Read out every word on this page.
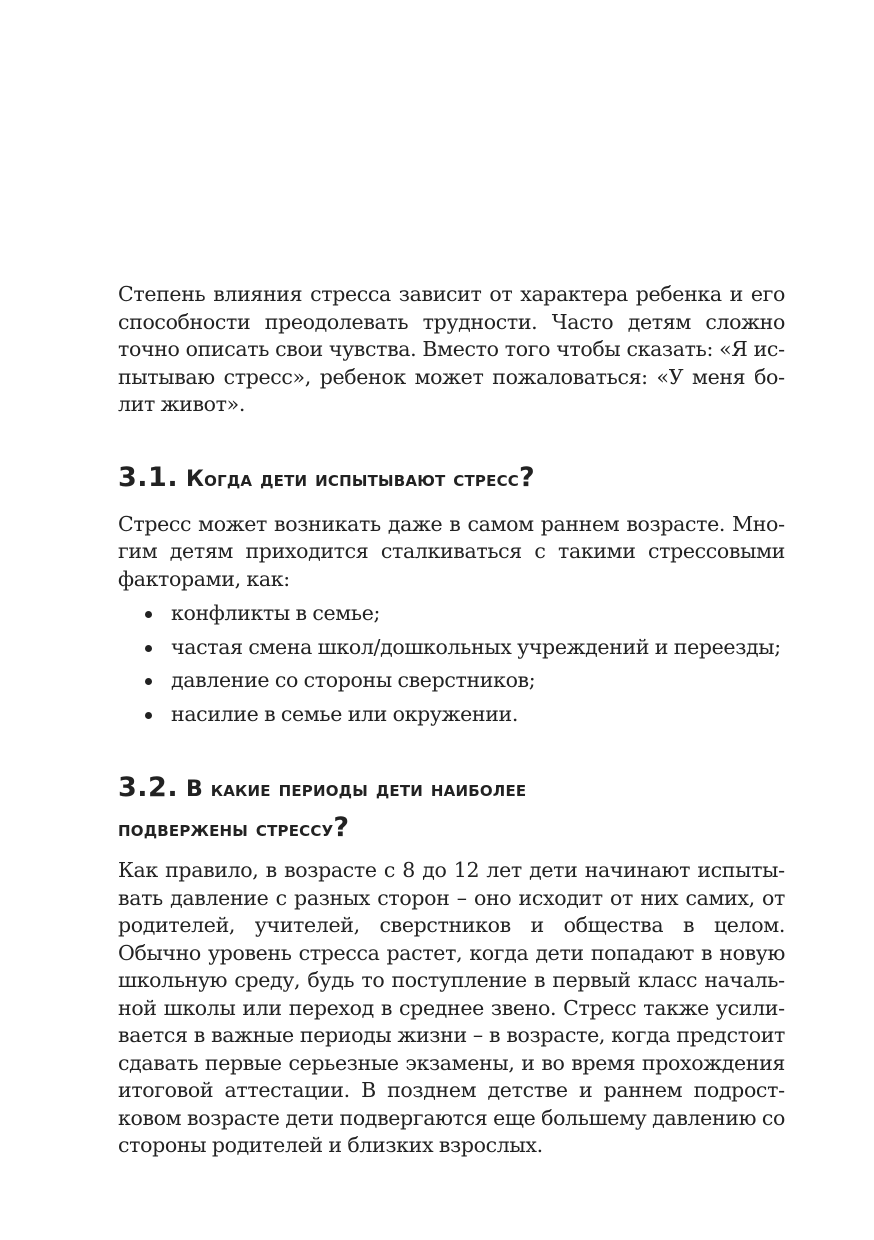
Степень влияния стресса зависит от характера ребенка и его способности преодолевать трудности. Часто детям сложно точно описать свои чувства. Вместо того чтобы сказать: «Я испытываю стресс», ребенок может пожаловаться: «У меня болит живот».

3.1. Когда дети испытывают стресс?

Стресс может возникать даже в самом раннем возрасте. Многим детям приходится сталкиваться с такими стрессовыми факторами, как:

конфликты в семье;
частая смена школ/дошкольных учреждений и переезды;
давление со стороны сверстников;
насилие в семье или окружении.
3.2. В какие периоды дети наиболее
подвержены стрессу?

Как правило, в возрасте с 8 до 12 лет дети начинают испытывать давление с разных сторон – оно исходит от них самих, от родителей, учителей, сверстников и общества в целом. Обычно уровень стресса растет, когда дети попадают в новую школьную среду, будь то поступление в первый класс начальной школы или переход в среднее звено. Стресс также усиливается в важные периоды жизни – в возрасте, когда предстоит сдавать первые серьезные экзамены, и во время прохождения итоговой аттестации. В позднем детстве и раннем подростковом возрасте дети подвергаются еще большему давлению со стороны родителей и близких взрослых.
